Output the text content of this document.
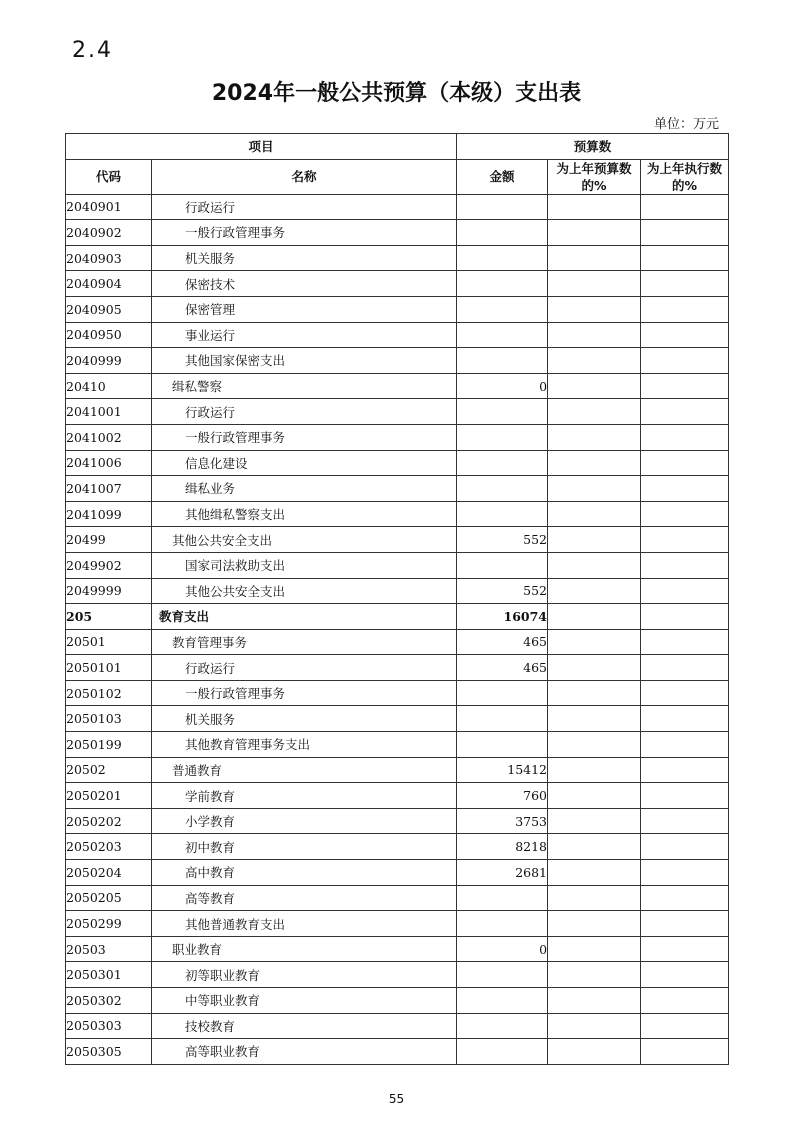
2.4
2024年一般公共预算（本级）支出表
单位：万元
项目		预算数		
代码	名称	金额	为上年预算数的%	为上年执行数的%
2040901	行政运行			
2040902	一般行政管理事务			
2040903	机关服务			
2040904	保密技术			
2040905	保密管理			
2040950	事业运行			
2040999	其他国家保密支出			
20410	缉私警察	0		
2041001	行政运行			
2041002	一般行政管理事务			
2041006	信息化建设			
2041007	缉私业务			
2041099	其他缉私警察支出			
20499	其他公共安全支出	552		
2049902	国家司法救助支出			
2049999	其他公共安全支出	552		
205	教育支出	16074		
20501	教育管理事务	465		
2050101	行政运行	465		
2050102	一般行政管理事务			
2050103	机关服务			
2050199	其他教育管理事务支出			
20502	普通教育	15412		
2050201	学前教育	760		
2050202	小学教育	3753		
2050203	初中教育	8218		
2050204	高中教育	2681		
2050205	高等教育			
2050299	其他普通教育支出			
20503	职业教育	0		
2050301	初等职业教育			
2050302	中等职业教育			
2050303	技校教育			
2050305	高等职业教育			
55
